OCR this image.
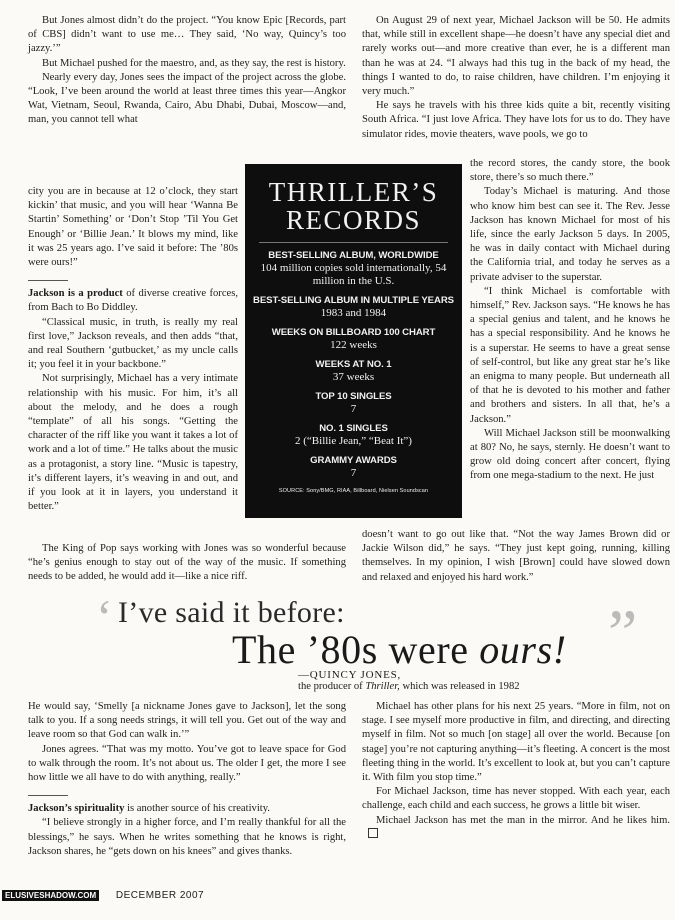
But Jones almost didn’t do the project. “You know Epic [Records, part of CBS] didn’t want to use me… They said, ‘No way, Quincy’s too jazzy.’”

But Michael pushed for the maestro, and, as they say, the rest is history.

Nearly every day, Jones sees the impact of the project across the globe. “Look, I’ve been around the world at least three times this year—Angkor Wat, Vietnam, Seoul, Rwanda, Cairo, Abu Dhabi, Dubai, Moscow—and, man, you cannot tell what

city you are in because at 12 o’clock, they start kickin’ that music, and you will hear ‘Wanna Be Startin’ Something’ or ‘Don’t Stop ’Til You Get Enough’ or ‘Billie Jean.’ It blows my mind, like it was 25 years ago. I’ve said it before: The ’80s were ours!”

Jackson is a product of diverse creative forces, from Bach to Bo Diddley.

“Classical music, in truth, is really my real first love,” Jackson reveals, and then adds “that, and real Southern ‘gutbucket,’ as my uncle calls it; you feel it in your backbone.”

Not surprisingly, Michael has a very intimate relationship with his music. For him, it’s all about the melody, and he does a rough “template” of all his songs. “Getting the character of the riff like you want it takes a lot of work and a lot of time.” He talks about the music as a protagonist, a story line. “Music is tapestry, it’s different layers, it’s weaving in and out, and if you look at it in layers, you understand it better.”

The King of Pop says working with Jones was so wonderful because “he’s genius enough to stay out of the way of the music. If something needs to be added, he would add it—like a nice riff.

On August 29 of next year, Michael Jackson will be 50. He admits that, while still in excellent shape—he doesn’t have any special diet and rarely works out—and more creative than ever, he is a different man than he was at 24. “I always had this tug in the back of my head, the things I wanted to do, to raise children, have children. I’m enjoying it very much.”

He says he travels with his three kids quite a bit, recently visiting South Africa. “I just love Africa. They have lots for us to do. They have simulator rides, movie theaters, wave pools, we go to

the record stores, the candy store, the book store, there’s so much there.”

Today’s Michael is maturing. And those who know him best can see it. The Rev. Jesse Jackson has known Michael for most of his life, since the early Jackson 5 days. In 2005, he was in daily contact with Michael during the California trial, and today he serves as a private adviser to the superstar.

“I think Michael is comfortable with himself,” Rev. Jackson says. “He knows he has a special genius and talent, and he knows he has a special responsibility. And he knows he is a superstar. He seems to have a great sense of self-control, but like any great star he’s like an enigma to many people. But underneath all of that he is devoted to his mother and father and brothers and sisters. In all that, he’s a Jackson.”

Will Michael Jackson still be moonwalking at 80? No, he says, sternly. He doesn’t want to grow old doing concert after concert, flying from one mega-stadium to the next. He just

doesn’t want to go out like that. “Not the way James Brown did or Jackie Wilson did,” he says. “They just kept going, running, killing themselves. In my opinion, I wish [Brown] could have slowed down and relaxed and enjoyed his hard work.”

THRILLER’S
RECORDS
BEST-SELLING ALBUM, WORLDWIDE
104 million copies sold internationally, 54 million in the U.S.
BEST-SELLING ALBUM IN MULTIPLE YEARS
1983 and 1984
WEEKS ON BILLBOARD 100 CHART
122 weeks
WEEKS AT NO. 1
37 weeks
TOP 10 SINGLES
7
NO. 1 SINGLES
2 (“Billie Jean,” “Beat It”)
GRAMMY AWARDS
7
SOURCE: Sony/BMG, RIAA, Billboard, Nielsen Soundscan
‘ I’ve said it before:
The ’80s were ours! ”
—QUINCY JONES,
the producer of Thriller, which was released in 1982

He would say, ‘Smelly [a nickname Jones gave to Jackson], let the song talk to you. If a song needs strings, it will tell you. Get out of the way and leave room so that God can walk in.’”

Jones agrees. “That was my motto. You’ve got to leave space for God to walk through the room. It’s not about us. The older I get, the more I see how little we all have to do with anything, really.”

Jackson’s spirituality is another source of his creativity.

“I believe strongly in a higher force, and I’m really thankful for all the blessings,” he says. When he writes something that he knows is right, Jackson shares, he “gets down on his knees” and gives thanks.

Michael has other plans for his next 25 years. “More in film, not on stage. I see myself more productive in film, and directing, and directing myself in film. Not so much [on stage] all over the world. Because [on stage] you’re not capturing anything—it’s fleeting. A concert is the most fleeting thing in the world. It’s excellent to look at, but you can’t capture it. With film you stop time.”

For Michael Jackson, time has never stopped. With each year, each challenge, each child and each success, he grows a little bit wiser.

Michael Jackson has met the man in the mirror. And he likes him.

ELUSIVESHADOW.COM DECEMBER 2007
